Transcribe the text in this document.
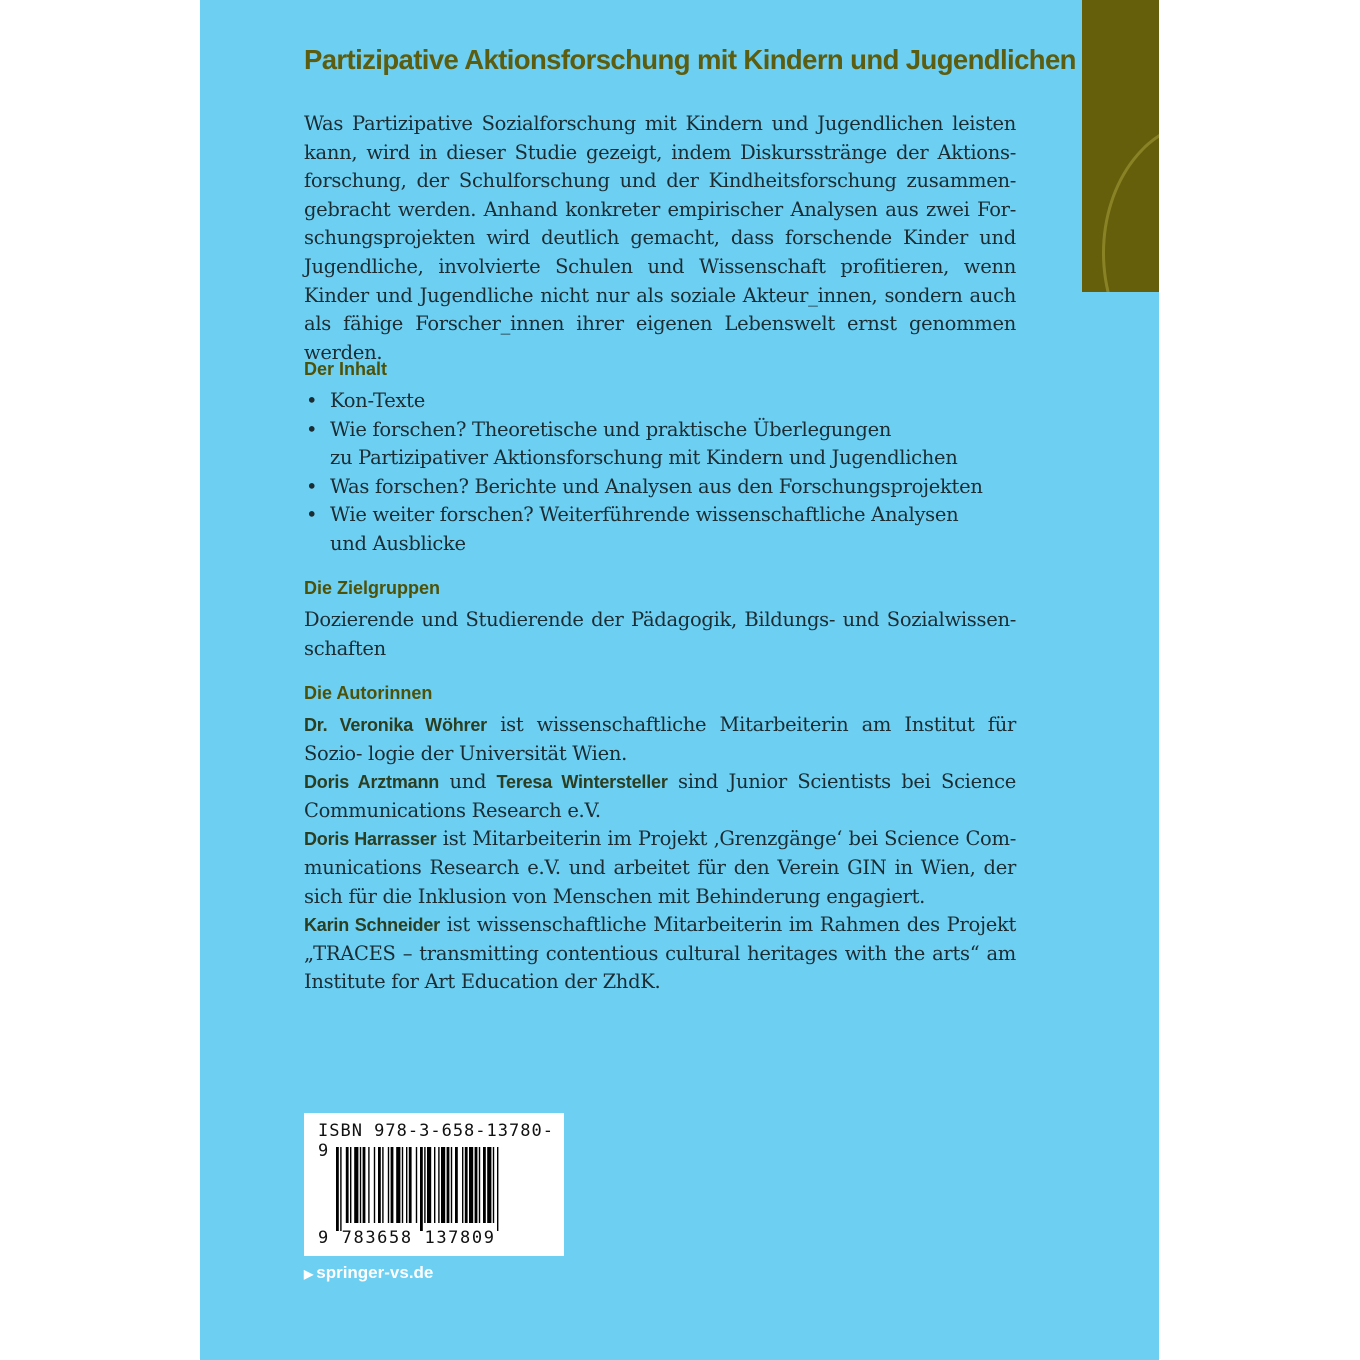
Partizipative Aktionsforschung mit Kindern und Jugendlichen

Was Partizipative Sozialforschung mit Kindern und Jugendlichen leisten kann, wird in dieser Studie gezeigt, indem Diskursstränge der Aktions- forschung, der Schulforschung und der Kindheitsforschung zusammen- gebracht werden. Anhand konkreter empirischer Analysen aus zwei For- schungsprojekten wird deutlich gemacht, dass forschende Kinder und Jugendliche, involvierte Schulen und Wissenschaft profitieren, wenn Kinder und Jugendliche nicht nur als soziale Akteur_innen, sondern auch als fähige Forscher_innen ihrer eigenen Lebenswelt ernst genommen werden.

Der Inhalt
• Kon-Texte
• Wie forschen? Theoretische und praktische Überlegungen
zu Partizipativer Aktionsforschung mit Kindern und Jugendlichen
• Was forschen? Berichte und Analysen aus den Forschungsprojekten
• Wie weiter forschen? Weiterführende wissenschaftliche Analysen
und Ausblicke
Die Zielgruppen

Dozierende und Studierende der Pädagogik, Bildungs- und Sozialwissen- schaften

Die Autorinnen

Dr. Veronika Wöhrer ist wissenschaftliche Mitarbeiterin am Institut für Sozio- logie der Universität Wien.

Doris Arztmann und Teresa Wintersteller sind Junior Scientists bei Science Communications Research e.V.

Doris Harrasser ist Mitarbeiterin im Projekt ‚Grenzgänge‘ bei Science Com- munications Research e.V. und arbeitet für den Verein GIN in Wien, der sich für die Inklusion von Menschen mit Behinderung engagiert.

Karin Schneider ist wissenschaftliche Mitarbeiterin im Rahmen des Projekt „TRACES – transmitting contentious cultural heritages with the arts“ am Institute for Art Education der ZhdK.

ISBN 978-3-658-13780-9
9 783658 137809
▶ springer-vs.de
